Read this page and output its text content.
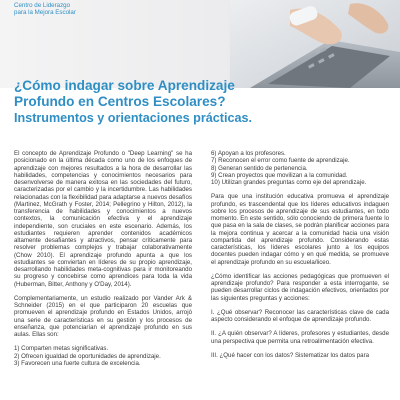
Centro de Liderazgo
para la Mejora Escolar
¿Cómo indagar sobre Aprendizaje
Profundo en Centros Escolares?
Instrumentos y orientaciones prácticas.

El concepto de Aprendizaje Profundo o "Deep Learning" se ha posicionado en la última década como uno de los enfoques de aprendizaje con mejores resultados a la hora de desarrollar las habilidades, competencias y conocimientos necesarios para desenvolverse de manera exitosa en las sociedades del futuro, caracterizadas por el cambio y la incertidumbre. Las habilidades relacionadas con la flexibilidad para adaptarse a nuevos desafíos (Martinez, McGrath y Foster, 2014; Pellegrino y Hilton, 2012), la transferencia de habilidades y conocimientos a nuevos contextos, la comunicación efectiva y el aprendizaje independiente, son cruciales en este escenario. Además, los estudiantes requieren aprender contenidos académicos altamente desafiantes y atractivos, pensar críticamente para resolver problemas complejos y trabajar colaborativamente (Chow 2010). El aprendizaje profundo apunta a que los estudiantes se conviertan en líderes de su propio aprendizaje, desarrollando habilidades meta-cognitivas para ir monitoreando su progreso y concebirse como aprendices para toda la vida (Huberman, Bitter, Anthony y O'Day, 2014).

Complementariamente, un estudio realizado por Vander Ark & Schneider (2015) en el que participaron 20 escuelas que promueven el aprendizaje profundo en Estados Unidos, arrojó una serie de características en su gestión y los procesos de enseñanza, que potenciarían el aprendizaje profundo en sus aulas. Ellas son:

1) Comparten metas significativas.
2) Ofrecen igualdad de oportunidades de aprendizaje.
3) Favorecen una fuerte cultura de excelencia.
6) Apoyan a los profesores.
7) Reconocen el error como fuente de aprendizaje.
8) Generan sentido de pertenencia.
9) Crean proyectos que movilizan a la comunidad.
10) Utilizan grandes preguntas como eje del aprendizaje.

Para que una institución educativa promueva el aprendizaje profundo, es trascendental que los líderes educativos indaguen sobre los procesos de aprendizaje de sus estudiantes, en todo momento. En este sentido, sólo conociendo de primera fuente lo que pasa en la sala de clases, se podrán planificar acciones para la mejora continua y acercar a la comunidad hacia una visión compartida del aprendizaje profundo. Considerando estas características, los líderes escolares junto a los equipos docentes pueden indagar cómo y en qué medida, se promueve el aprendizaje profundo en su escuela/liceo.

¿Cómo identificar las acciones pedagógicas que promueven el aprendizaje profundo? Para responder a esta interrogante, se pueden desarrollar ciclos de indagación efectivos, orientados por las siguientes preguntas y acciones:

I. ¿Qué observar? Reconocer las características clave de cada aspecto considerando el enfoque de aprendizaje profundo.

II. ¿A quién observar? A líderes, profesores y estudiantes, desde una perspectiva que permita una retroalimentación efectiva.

III. ¿Qué hacer con los datos? Sistematizar los datos para
